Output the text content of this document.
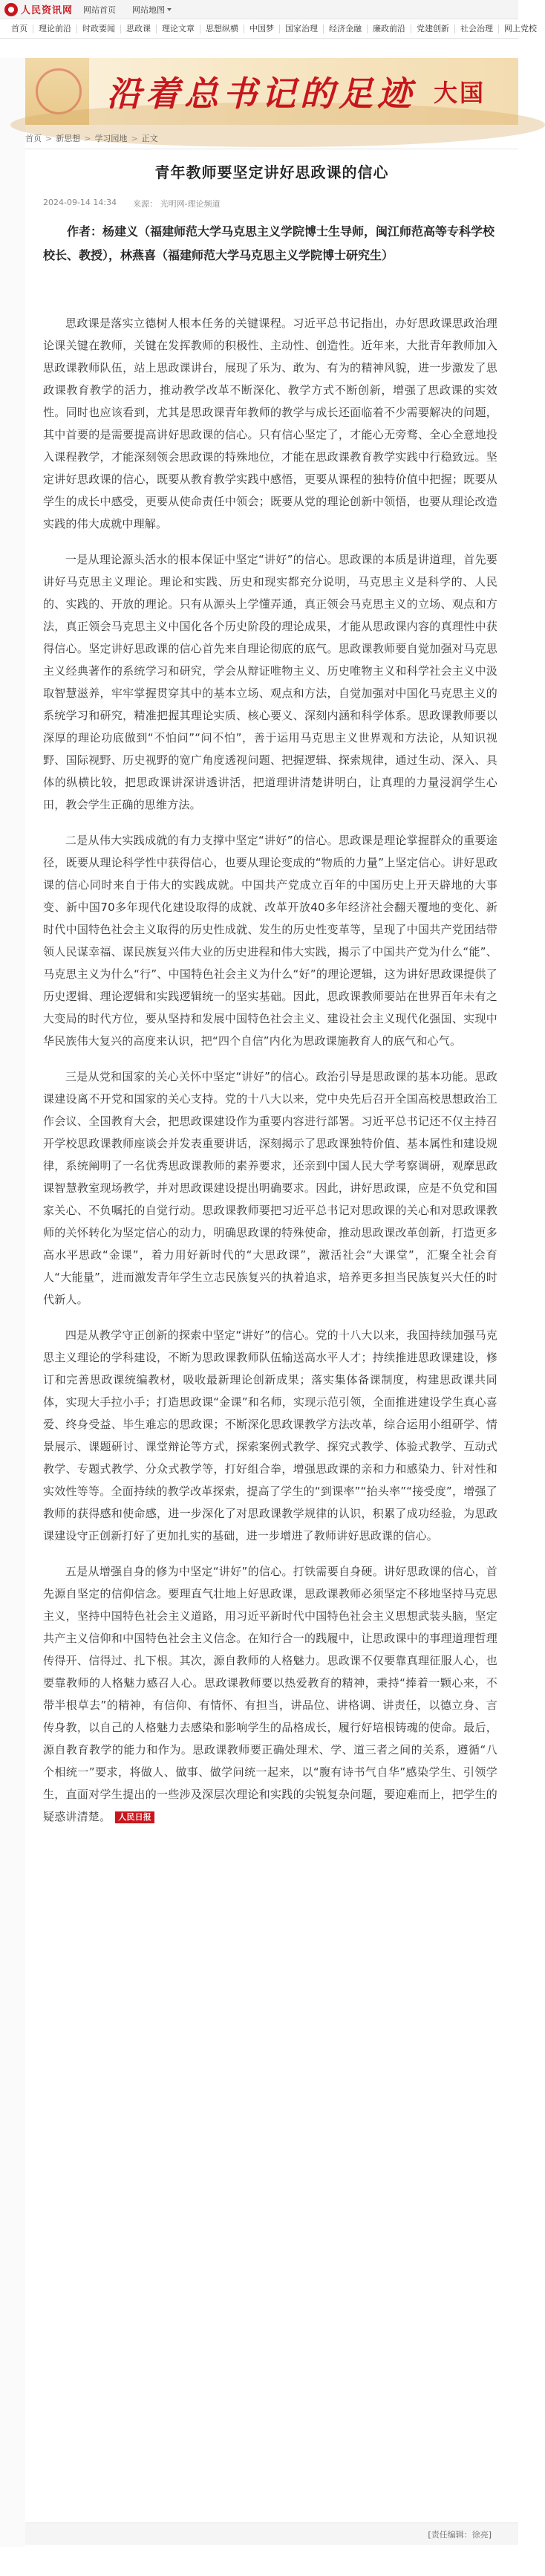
人民资讯网 网站首页 网站地图
首页	理论前沿	时政要闻	思政课	理论文章	思想纵横	中国梦	国家治理	经济金融	廉政前沿	党建创新	社会治理	网上党校
沿着总书记的足迹 大国
首页 > 新思想 > 学习园地 > 正文
青年教师要坚定讲好思政课的信心
2024-09-14 14:34 来源： 光明网-理论频道
作者：杨建义（福建师范大学马克思主义学院博士生导师，闽江师范高等专科学校校长、教授），林燕喜（福建师范大学马克思主义学院博士研究生）

思政课是落实立德树人根本任务的关键课程。习近平总书记指出，办好思政课思政治理论课关键在教师，关键在发挥教师的积极性、主动性、创造性。近年来，大批青年教师加入思政课教师队伍，站上思政课讲台，展现了乐为、敢为、有为的精神风貌，进一步激发了思政课教育教学的活力，推动教学改革不断深化、教学方式不断创新，增强了思政课的实效性。同时也应该看到，尤其是思政课青年教师的教学与成长还面临着不少需要解决的问题，其中首要的是需要提高讲好思政课的信心。只有信心坚定了，才能心无旁骛、全心全意地投入课程教学，才能深刻领会思政课的特殊地位，才能在思政课教育教学实践中行稳致远。坚定讲好思政课的信心，既要从教育教学实践中感悟，更要从课程的独特价值中把握；既要从学生的成长中感受，更要从使命责任中领会；既要从党的理论创新中领悟，也要从理论改造实践的伟大成就中理解。

一是从理论源头活水的根本保证中坚定“讲好”的信心。思政课的本质是讲道理，首先要讲好马克思主义理论。理论和实践、历史和现实都充分说明，马克思主义是科学的、人民的、实践的、开放的理论。只有从源头上学懂弄通，真正领会马克思主义的立场、观点和方法，真正领会马克思主义中国化各个历史阶段的理论成果，才能从思政课内容的真理性中获得信心。坚定讲好思政课的信心首先来自理论彻底的底气。思政课教师要自觉加强对马克思主义经典著作的系统学习和研究，学会从辩证唯物主义、历史唯物主义和科学社会主义中汲取智慧滋养，牢牢掌握贯穿其中的基本立场、观点和方法，自觉加强对中国化马克思主义的系统学习和研究，精准把握其理论实质、核心要义、深刻内涵和科学体系。思政课教师要以深厚的理论功底做到“不怕问”“问不怕”，善于运用马克思主义世界观和方法论，从知识视野、国际视野、历史视野的宽广角度透视问题、把握逻辑、探索规律，通过生动、深入、具体的纵横比较，把思政课讲深讲透讲活，把道理讲清楚讲明白，让真理的力量浸润学生心田，教会学生正确的思维方法。

二是从伟大实践成就的有力支撑中坚定“讲好”的信心。思政课是理论掌握群众的重要途径，既要从理论科学性中获得信心，也要从理论变成的“物质的力量”上坚定信心。讲好思政课的信心同时来自于伟大的实践成就。中国共产党成立百年的中国历史上开天辟地的大事变、新中国70多年现代化建设取得的成就、改革开放40多年经济社会翻天覆地的变化、新时代中国特色社会主义取得的历史性成就、发生的历史性变革等，呈现了中国共产党团结带领人民谋幸福、谋民族复兴伟大业的历史进程和伟大实践，揭示了中国共产党为什么“能”、马克思主义为什么“行”、中国特色社会主义为什么“好”的理论逻辑，这为讲好思政课提供了历史逻辑、理论逻辑和实践逻辑统一的坚实基础。因此，思政课教师要站在世界百年未有之大变局的时代方位，要从坚持和发展中国特色社会主义、建设社会主义现代化强国、实现中华民族伟大复兴的高度来认识，把“四个自信”内化为思政课施教育人的底气和心气。

三是从党和国家的关心关怀中坚定“讲好”的信心。政治引导是思政课的基本功能。思政课建设离不开党和国家的关心支持。党的十八大以来，党中央先后召开全国高校思想政治工作会议、全国教育大会，把思政课建设作为重要内容进行部署。习近平总书记还不仅主持召开学校思政课教师座谈会并发表重要讲话，深刻揭示了思政课独特价值、基本属性和建设规律，系统阐明了一名优秀思政课教师的素养要求，还亲到中国人民大学考察调研，观摩思政课智慧教室现场教学，并对思政课建设提出明确要求。因此，讲好思政课，应是不负党和国家关心、不负嘱托的自觉行动。思政课教师要把习近平总书记对思政课的关心和对思政课教师的关怀转化为坚定信心的动力，明确思政课的特殊使命，推动思政课改革创新，打造更多高水平思政“金课”，着力用好新时代的“大思政课”，激活社会“大课堂”，汇聚全社会育人“大能量”，进而激发青年学生立志民族复兴的执着追求，培养更多担当民族复兴大任的时代新人。

四是从教学守正创新的探索中坚定“讲好”的信心。党的十八大以来，我国持续加强马克思主义理论的学科建设，不断为思政课教师队伍输送高水平人才；持续推进思政课建设，修订和完善思政课统编教材，吸收最新理论创新成果；落实集体备课制度，构建思政课共同体，实现大手拉小手；打造思政课“金课”和名师，实现示范引领，全面推进建设学生真心喜爱、终身受益、毕生难忘的思政课；不断深化思政课教学方法改革，综合运用小组研学、情景展示、课题研讨、课堂辩论等方式，探索案例式教学、探究式教学、体验式教学、互动式教学、专题式教学、分众式教学等，打好组合拳，增强思政课的亲和力和感染力、针对性和实效性等等。全面持续的教学改革探索，提高了学生的“到课率”“抬头率”“接受度”，增强了教师的获得感和使命感，进一步深化了对思政课教学规律的认识，积累了成功经验，为思政课建设守正创新打好了更加扎实的基础，进一步增进了教师讲好思政课的信心。

五是从增强自身的修为中坚定“讲好”的信心。打铁需要自身硬。讲好思政课的信心，首先源自坚定的信仰信念。要理直气壮地上好思政课，思政课教师必须坚定不移地坚持马克思主义，坚持中国特色社会主义道路，用习近平新时代中国特色社会主义思想武装头脑，坚定共产主义信仰和中国特色社会主义信念。在知行合一的践履中，让思政课中的事理道理哲理传得开、信得过、扎下根。其次，源自教师的人格魅力。思政课不仅要靠真理征服人心，也要靠教师的人格魅力感召人心。思政课教师要以热爱教育的精神，秉持“捧着一颗心来，不带半根草去”的精神，有信仰、有情怀、有担当，讲品位、讲格调、讲责任，以德立身、言传身教，以自己的人格魅力去感染和影响学生的品格成长，履行好培根铸魂的使命。最后，源自教育教学的能力和作为。思政课教师要正确处理术、学、道三者之间的关系，遵循“八个相统一”要求，将做人、做事、做学问统一起来，以“腹有诗书气自华”感染学生、引领学生，直面对学生提出的一些涉及深层次理论和实践的尖锐复杂问题，要迎难而上，把学生的疑惑讲清楚。 人民日报

[责任编辑：徐亮]
